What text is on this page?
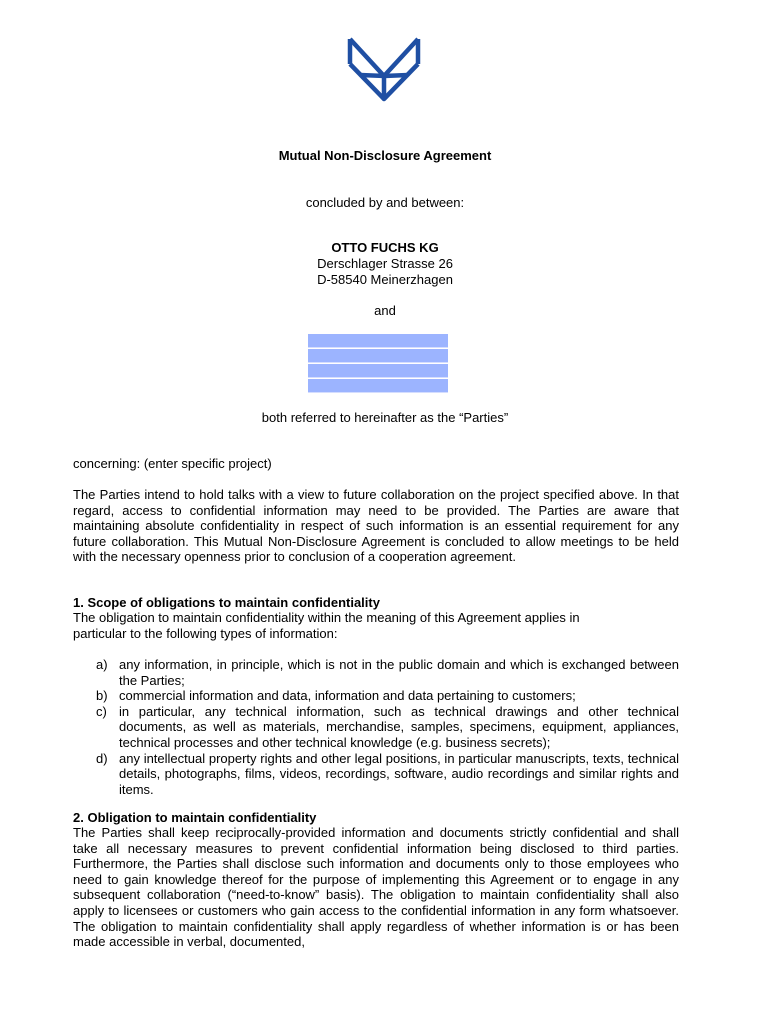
Mutual Non-Disclosure Agreement
concluded by and between:
OTTO FUCHS KG
Derschlager Strasse 26
D-58540 Meinerzhagen
and
both referred to hereinafter as the “Parties”

concerning: (enter specific project)

The Parties intend to hold talks with a view to future collaboration on the project specified above. In that regard, access to confidential information may need to be provided. The Parties are aware that maintaining absolute confidentiality in respect of such information is an essential requirement for any future collaboration. This Mutual Non-Disclosure Agreement is concluded to allow meetings to be held with the necessary openness prior to conclusion of a cooperation agreement.

1. Scope of obligations to maintain confidentiality

The obligation to maintain confidentiality within the meaning of this Agreement applies in particular to the following types of information:

a) any information, in principle, which is not in the public domain and which is exchanged between the Parties;
b) commercial information and data, information and data pertaining to customers;
c) in particular, any technical information, such as technical drawings and other technical documents, as well as materials, merchandise, samples, specimens, equipment, appliances, technical processes and other technical knowledge (e.g. business secrets);
d) any intellectual property rights and other legal positions, in particular manuscripts, texts, technical details, photographs, films, videos, recordings, software, audio recordings and similar rights and items.
2. Obligation to maintain confidentiality

The Parties shall keep reciprocally-provided information and documents strictly confidential and shall take all necessary measures to prevent confidential information being disclosed to third parties. Furthermore, the Parties shall disclose such information and documents only to those employees who need to gain knowledge thereof for the purpose of implementing this Agreement or to engage in any subsequent collaboration (“need-to-know” basis). The obligation to maintain confidentiality shall also apply to licensees or customers who gain access to the confidential information in any form whatsoever. The obligation to maintain confidentiality shall apply regardless of whether information is or has been made accessible in verbal, documented,
